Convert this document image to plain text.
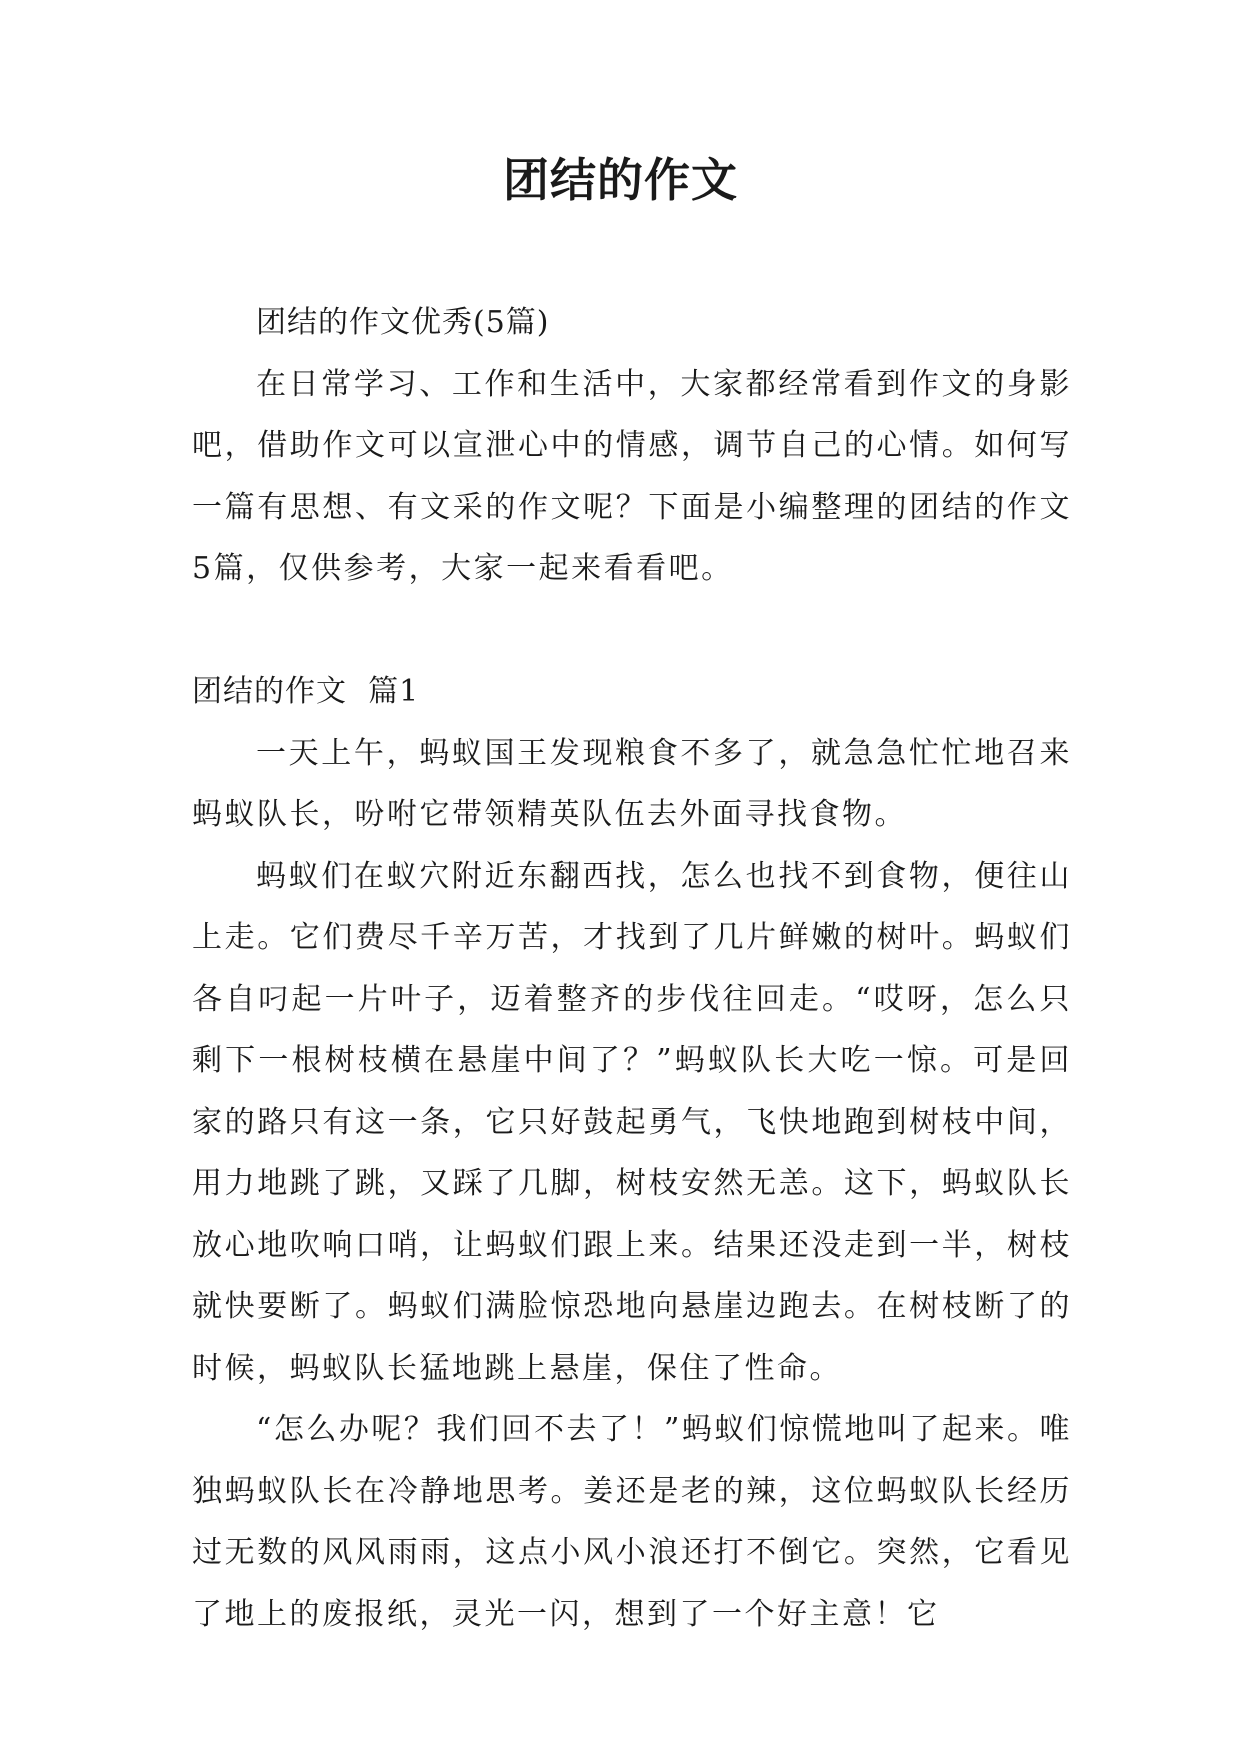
团结的作文

团结的作文优秀(5篇)

在日常学习、工作和生活中，大家都经常看到作文的身影吧，借助作文可以宣泄心中的情感，调节自己的心情。如何写一篇有思想、有文采的作文呢？下面是小编整理的团结的作文5篇，仅供参考，大家一起来看看吧。

团结的作文  篇1

一天上午，蚂蚁国王发现粮食不多了，就急急忙忙地召来蚂蚁队长，吩咐它带领精英队伍去外面寻找食物。

蚂蚁们在蚁穴附近东翻西找，怎么也找不到食物，便往山上走。它们费尽千辛万苦，才找到了几片鲜嫩的树叶。蚂蚁们各自叼起一片叶子，迈着整齐的步伐往回走。“哎呀，怎么只剩下一根树枝横在悬崖中间了？”蚂蚁队长大吃一惊。可是回家的路只有这一条，它只好鼓起勇气，飞快地跑到树枝中间，用力地跳了跳，又踩了几脚，树枝安然无恙。这下，蚂蚁队长放心地吹响口哨，让蚂蚁们跟上来。结果还没走到一半，树枝就快要断了。蚂蚁们满脸惊恐地向悬崖边跑去。在树枝断了的时候，蚂蚁队长猛地跳上悬崖，保住了性命。

“怎么办呢？我们回不去了！”蚂蚁们惊慌地叫了起来。唯独蚂蚁队长在冷静地思考。姜还是老的辣，这位蚂蚁队长经历过无数的风风雨雨，这点小风小浪还打不倒它。突然，它看见了地上的废报纸，灵光一闪，想到了一个好主意！它
